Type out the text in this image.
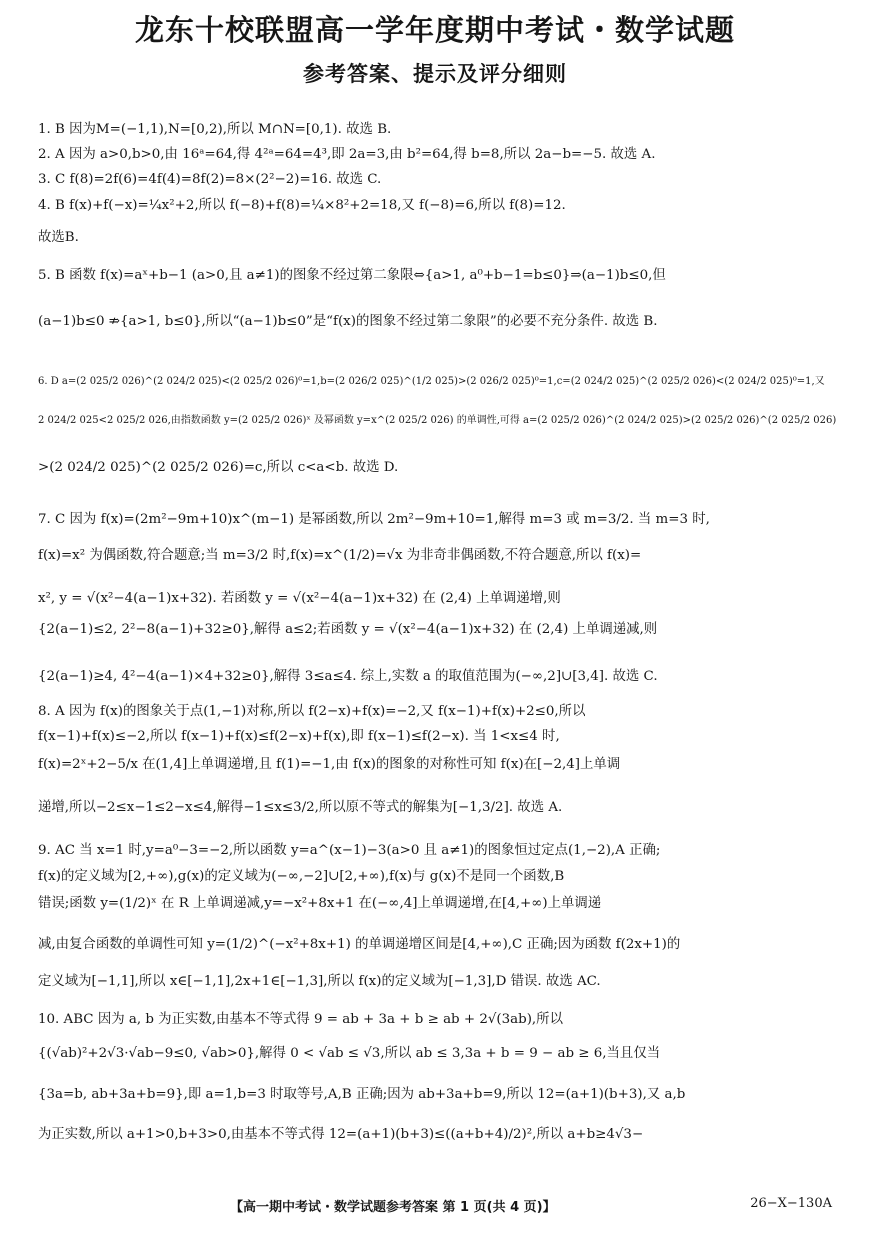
龙东十校联盟高一学年度期中考试・数学试题
参考答案、提示及评分细则
1. B 因为M=(−1,1),N=[0,2),所以 M∩N=[0,1). 故选 B.
2. A 因为 a>0,b>0,由 16ᵃ=64,得 4²ᵃ=64=4³,即 2a=3,由 b²=64,得 b=8,所以 2a−b=−5. 故选 A.
3. C f(8)=2f(6)=4f(4)=8f(2)=8×(2²−2)=16. 故选 C.
4. B f(x)+f(−x)=¼x²+2,所以 f(−8)+f(8)=¼×8²+2=18,又 f(−8)=6,所以 f(8)=12.
故选B.
5. B 函数 f(x)=aˣ+b−1 (a>0,且 a≠1)的图象不经过第二象限⇔{a>1, a⁰+b−1=b≤0}⇒(a−1)b≤0,但
(a−1)b≤0 ⇏{a>1, b≤0},所以“(a−1)b≤0”是“f(x)的图象不经过第二象限”的必要不充分条件. 故选 B.
6. D a=(2 025/2 026)^(2 024/2 025)<(2 025/2 026)⁰=1,b=(2 026/2 025)^(1/2 025)>(2 026/2 025)⁰=1,c=(2 024/2 025)^(2 025/2 026)<(2 024/2 025)⁰=1,又
2 024/2 025<2 025/2 026,由指数函数 y=(2 025/2 026)ˣ 及幂函数 y=x^(2 025/2 026) 的单调性,可得 a=(2 025/2 026)^(2 024/2 025)>(2 025/2 026)^(2 025/2 026)
>(2 024/2 025)^(2 025/2 026)=c,所以 c<a<b. 故选 D.
7. C 因为 f(x)=(2m²−9m+10)x^(m−1) 是幂函数,所以 2m²−9m+10=1,解得 m=3 或 m=3/2. 当 m=3 时,
f(x)=x² 为偶函数,符合题意;当 m=3/2 时,f(x)=x^(1/2)=√x 为非奇非偶函数,不符合题意,所以 f(x)=
x², y = √(x²−4(a−1)x+32). 若函数 y = √(x²−4(a−1)x+32) 在 (2,4) 上单调递增,则
{2(a−1)≤2, 2²−8(a−1)+32≥0},解得 a≤2;若函数 y = √(x²−4(a−1)x+32) 在 (2,4) 上单调递减,则
{2(a−1)≥4, 4²−4(a−1)×4+32≥0},解得 3≤a≤4. 综上,实数 a 的取值范围为(−∞,2]∪[3,4]. 故选 C.
8. A 因为 f(x)的图象关于点(1,−1)对称,所以 f(2−x)+f(x)=−2,又 f(x−1)+f(x)+2≤0,所以
f(x−1)+f(x)≤−2,所以 f(x−1)+f(x)≤f(2−x)+f(x),即 f(x−1)≤f(2−x). 当 1<x≤4 时,
f(x)=2ˣ+2−5/x 在(1,4]上单调递增,且 f(1)=−1,由 f(x)的图象的对称性可知 f(x)在[−2,4]上单调
递增,所以−2≤x−1≤2−x≤4,解得−1≤x≤3/2,所以原不等式的解集为[−1,3/2]. 故选 A.
9. AC 当 x=1 时,y=a⁰−3=−2,所以函数 y=a^(x−1)−3(a>0 且 a≠1)的图象恒过定点(1,−2),A 正确;
f(x)的定义域为[2,+∞),g(x)的定义域为(−∞,−2]∪[2,+∞),f(x)与 g(x)不是同一个函数,B
错误;函数 y=(1/2)ˣ 在 R 上单调递减,y=−x²+8x+1 在(−∞,4]上单调递增,在[4,+∞)上单调递
减,由复合函数的单调性可知 y=(1/2)^(−x²+8x+1) 的单调递增区间是[4,+∞),C 正确;因为函数 f(2x+1)的
定义域为[−1,1],所以 x∈[−1,1],2x+1∈[−1,3],所以 f(x)的定义域为[−1,3],D 错误. 故选 AC.
10. ABC 因为 a, b 为正实数,由基本不等式得 9 = ab + 3a + b ≥ ab + 2√(3ab),所以
{(√ab)²+2√3·√ab−9≤0, √ab>0},解得 0 < √ab ≤ √3,所以 ab ≤ 3,3a + b = 9 − ab ≥ 6,当且仅当
{3a=b, ab+3a+b=9},即 a=1,b=3 时取等号,A,B 正确;因为 ab+3a+b=9,所以 12=(a+1)(b+3),又 a,b
为正实数,所以 a+1>0,b+3>0,由基本不等式得 12=(a+1)(b+3)≤((a+b+4)/2)²,所以 a+b≥4√3−
【高一期中考试・数学试题参考答案 第 1 页(共 4 页)】	26−X−130A
